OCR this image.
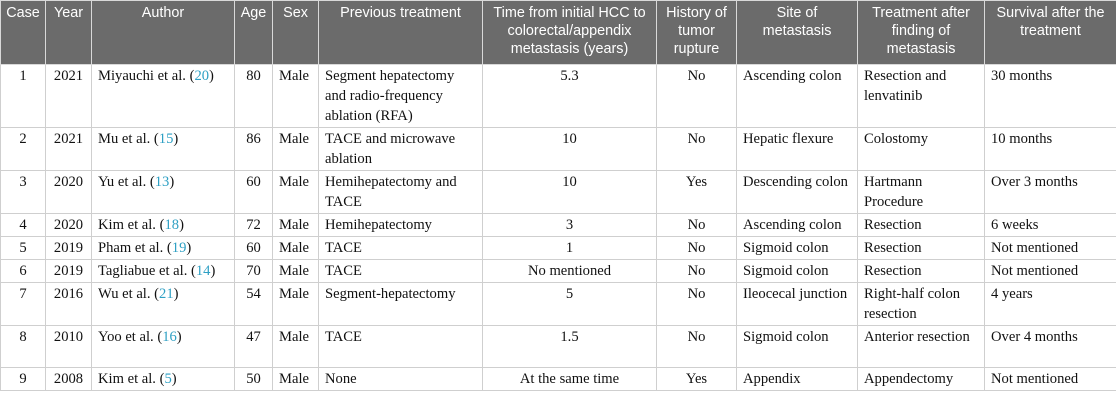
Case	Year	Author	Age	Sex	Previous treatment	Time from initial HCC to colorectal/appendix metastasis (years)	History of tumor rupture	Site of metastasis	Treatment after finding of metastasis	Survival after the treatment
1	2021	Miyauchi et al. (20)	80	Male	Segment hepatectomy and radio-frequency ablation (RFA)	5.3	No	Ascending colon	Resection and lenvatinib	30 months
2	2021	Mu et al. (15)	86	Male	TACE and microwave ablation	10	No	Hepatic flexure	Colostomy	10 months
3	2020	Yu et al. (13)	60	Male	Hemihepatectomy and TACE	10	Yes	Descending colon	Hartmann Procedure	Over 3 months
4	2020	Kim et al. (18)	72	Male	Hemihepatectomy	3	No	Ascending colon	Resection	6 weeks
5	2019	Pham et al. (19)	60	Male	TACE	1	No	Sigmoid colon	Resection	Not mentioned
6	2019	Tagliabue et al. (14)	70	Male	TACE	No mentioned	No	Sigmoid colon	Resection	Not mentioned
7	2016	Wu et al. (21)	54	Male	Segment-hepatectomy	5	No	Ileocecal junction	Right-half colon resection	4 years
8	2010	Yoo et al. (16)	47	Male	TACE	1.5	No	Sigmoid colon	Anterior resection	Over 4 months
9	2008	Kim et al. (5)	50	Male	None	At the same time	Yes	Appendix	Appendectomy	Not mentioned
